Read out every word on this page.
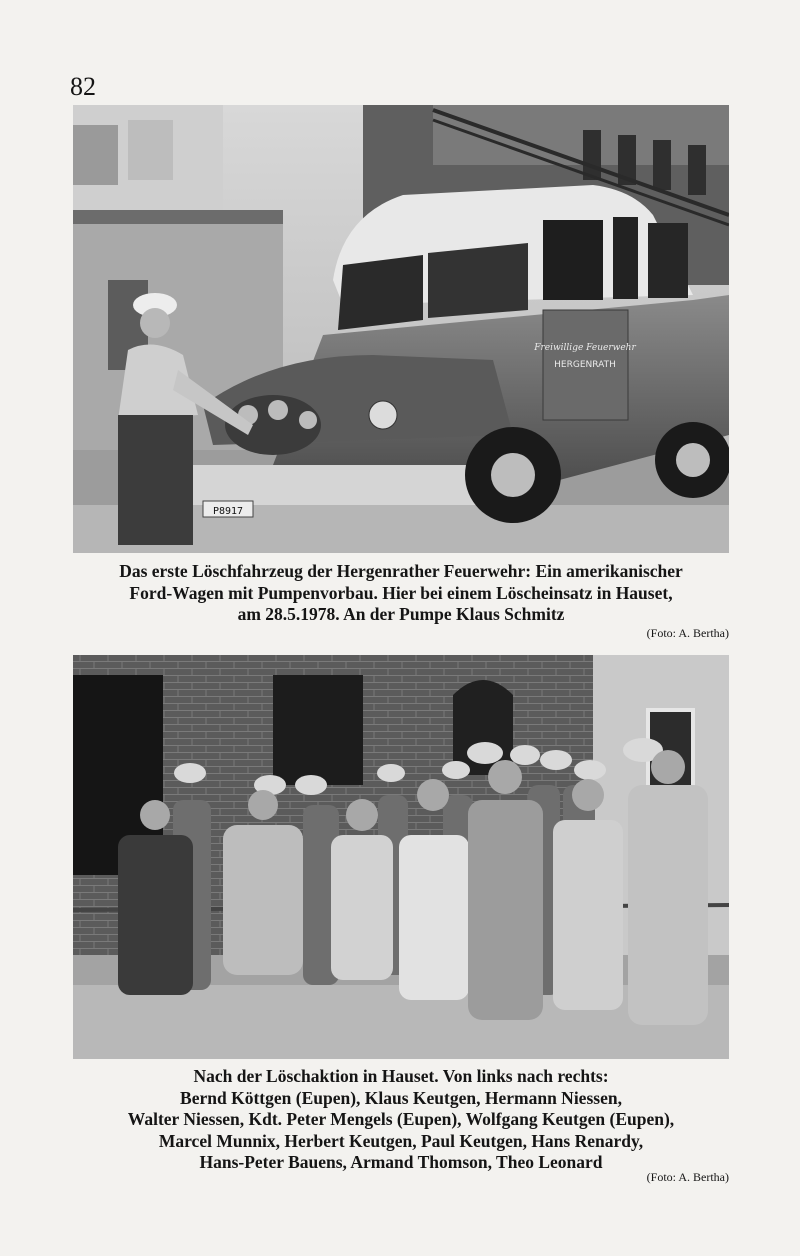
82
Freiwillige Feuerwehr
HERGENRATH
P8917
Das erste Löschfahrzeug der Hergenrather Feuerwehr: Ein amerikanischer
Ford-Wagen mit Pumpenvorbau. Hier bei einem Löscheinsatz in Hauset,
am 28.5.1978. An der Pumpe Klaus Schmitz
(Foto: A. Bertha)
Nach der Löschaktion in Hauset. Von links nach rechts:
Bernd Köttgen (Eupen), Klaus Keutgen, Hermann Niessen,
Walter Niessen, Kdt. Peter Mengels (Eupen), Wolfgang Keutgen (Eupen),
Marcel Munnix, Herbert Keutgen, Paul Keutgen, Hans Renardy,
Hans-Peter Bauens, Armand Thomson, Theo Leonard
(Foto: A. Bertha)
